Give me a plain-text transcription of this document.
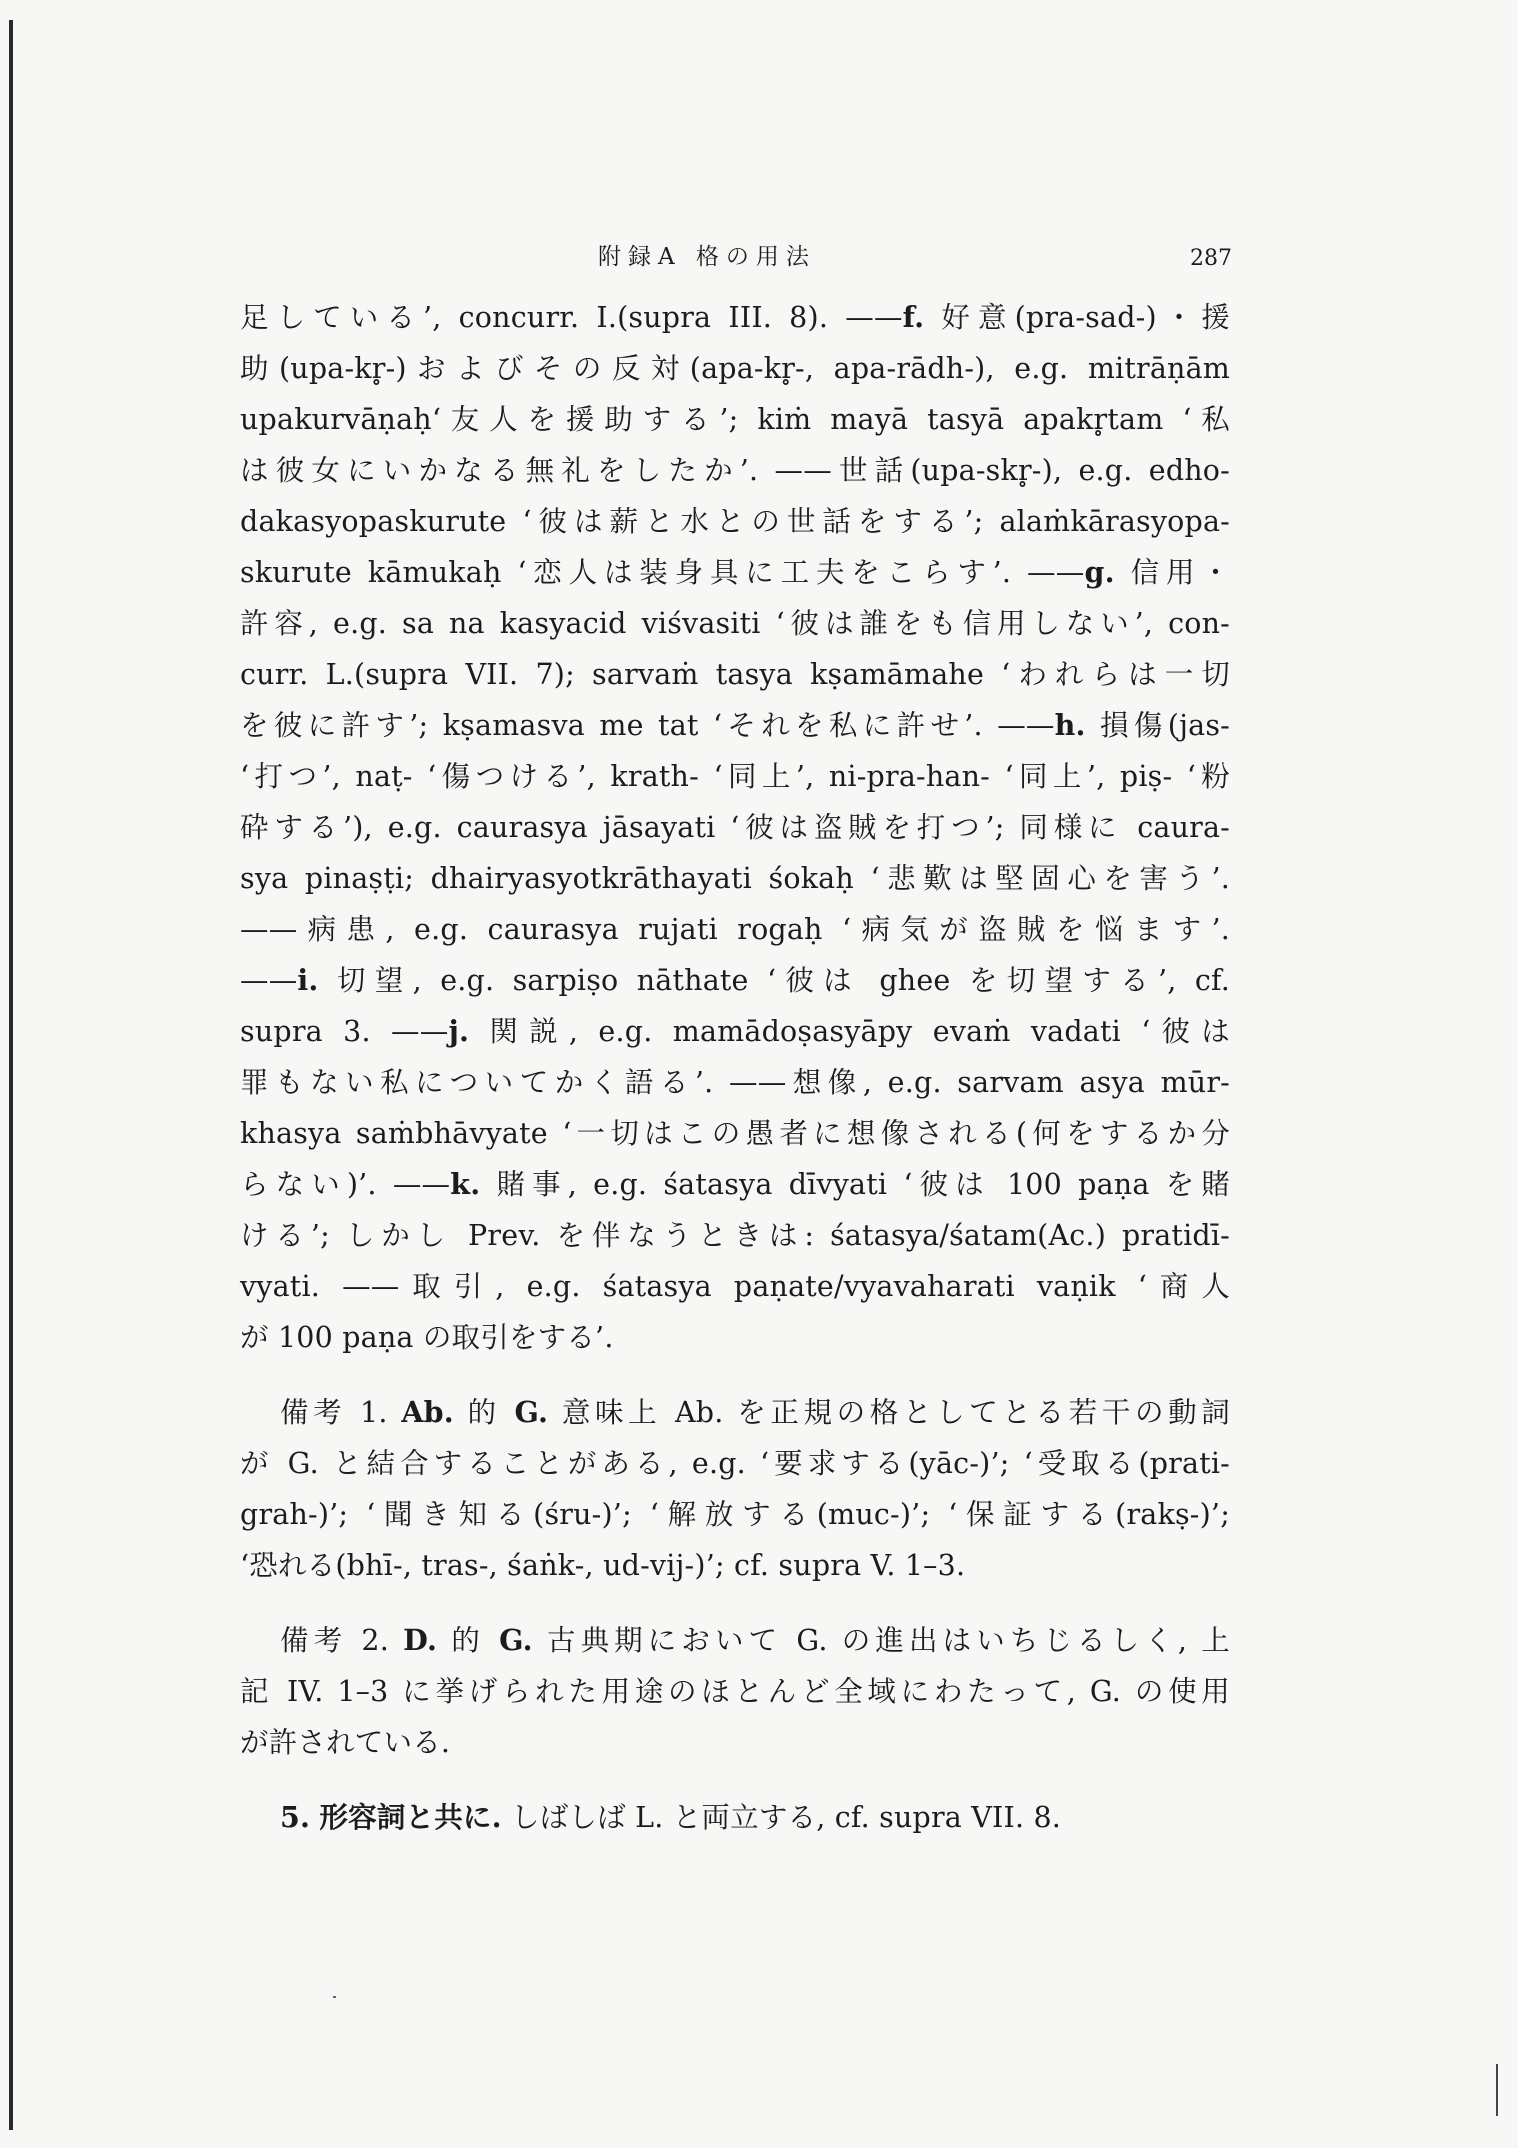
附録A 格の用法	287
足している’, concurr. I.(supra III. 8). ——f. 好意(pra-sad-)・援
助(upa-kr̥-)およびその反対(apa-kr̥-, apa-rādh-), e.g. mitrāṇām
upakurvāṇaḥ‘友人を援助する’; kiṁ mayā tasyā apakr̥tam ‘私
は彼女にいかなる無礼をしたか’. ——世話(upa-skr̥-), e.g. edho-
dakasyopaskurute ‘彼は薪と水との世話をする’; alaṁkārasyopa-
skurute kāmukaḥ ‘恋人は装身具に工夫をこらす’. ——g. 信用・
許容, e.g. sa na kasyacid viśvasiti ‘彼は誰をも信用しない’, con-
curr. L.(supra VII. 7); sarvaṁ tasya kṣamāmahe ‘われらは一切
を彼に許す’; kṣamasva me tat ‘それを私に許せ’. ——h. 損傷(jas-
‘打つ’, naṭ- ‘傷つける’, krath- ‘同上’, ni-pra-han- ‘同上’, piṣ- ‘粉
砕する’), e.g. caurasya jāsayati ‘彼は盗賊を打つ’; 同様に caura-
sya pinaṣṭi; dhairyasyotkrāthayati śokaḥ ‘悲歎は堅固心を害う’.
——病患, e.g. caurasya rujati rogaḥ ‘病気が盗賊を悩ます’.
——i. 切望, e.g. sarpiṣo nāthate ‘彼は ghee を切望する’, cf.
supra 3. ——j. 関説, e.g. mamādoṣasyāpy evaṁ vadati ‘彼は
罪もない私についてかく語る’. ——想像, e.g. sarvam asya mūr-
khasya saṁbhāvyate ‘一切はこの愚者に想像される(何をするか分
らない)’. ——k. 賭事, e.g. śatasya dīvyati ‘彼は 100 paṇa を賭
ける’; しかし Prev. を伴なうときは: śatasya/śatam(Ac.) pratidī-
vyati. ——取引, e.g. śatasya paṇate/vyavaharati vaṇik ‘商人
が 100 paṇa の取引をする’.
備考 1. Ab. 的 G. 意味上 Ab. を正規の格としてとる若干の動詞
が G. と結合することがある, e.g. ‘要求する(yāc-)’; ‘受取る(prati-
grah-)’; ‘聞き知る(śru-)’; ‘解放する(muc-)’; ‘保証する(rakṣ-)’;
‘恐れる(bhī-, tras-, śaṅk-, ud-vij-)’; cf. supra V. 1–3.
備考 2. D. 的 G. 古典期において G. の進出はいちじるしく, 上
記 IV. 1–3 に挙げられた用途のほとんど全域にわたって, G. の使用
が許されている.
5. 形容詞と共に. しばしば L. と両立する, cf. supra VII. 8.
